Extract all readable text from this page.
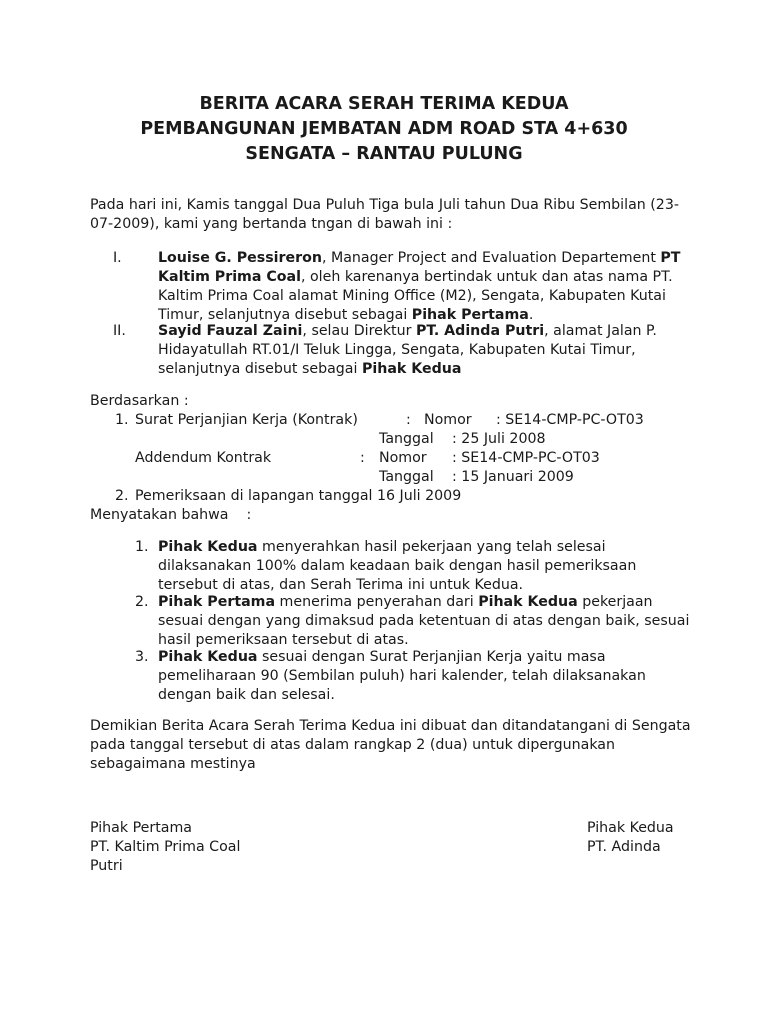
BERITA ACARA SERAH TERIMA KEDUA
PEMBANGUNAN JEMBATAN ADM ROAD STA 4+630
SENGATA – RANTAU PULUNG
Pada hari ini, Kamis tanggal Dua Puluh Tiga bula Juli tahun Dua Ribu Sembilan (23-
07-2009), kami yang bertanda tngan di bawah ini :
I.	Louise G. Pessireron, Manager Project and Evaluation Departement PT
Kaltim Prima Coal, oleh karenanya bertindak untuk dan atas nama PT.
Kaltim Prima Coal alamat Mining Office (M2), Sengata, Kabupaten Kutai
Timur, selanjutnya disebut sebagai Pihak Pertama.
II. Sayid Fauzal Zaini, selau Direktur PT. Adinda Putri, alamat Jalan P.
Hidayatullah RT.01/I Teluk Lingga, Sengata, Kabupaten Kutai Timur,
selanjutnya disebut sebagai Pihak Kedua
Berdasarkan :
1. Surat Perjanjian Kerja (Kontrak)	: Nomor : SE14-CMP-PC-OT03
Tanggal : 25 Juli 2008
Addendum Kontrak	: Nomor : SE14-CMP-PC-OT03
Tanggal : 15 Januari 2009
2. Pemeriksaan di lapangan tanggal 16 Juli 2009
Menyatakan bahwa    :
1. Pihak Kedua menyerahkan hasil pekerjaan yang telah selesai
dilaksanakan 100% dalam keadaan baik dengan hasil pemeriksaan
tersebut di atas, dan Serah Terima ini untuk Kedua.
2. Pihak Pertama menerima penyerahan dari Pihak Kedua pekerjaan
sesuai dengan yang dimaksud pada ketentuan di atas dengan baik, sesuai
hasil pemeriksaan tersebut di atas.
3. Pihak Kedua sesuai dengan Surat Perjanjian Kerja yaitu masa
pemeliharaan 90 (Sembilan puluh) hari kalender, telah dilaksanakan
dengan baik dan selesai.
Demikian Berita Acara Serah Terima Kedua ini dibuat dan ditandatangani di Sengata
pada tanggal tersebut di atas dalam rangkap 2 (dua) untuk dipergunakan
sebagaimana mestinya
Pihak Pertama
PT. Kaltim Prima Coal
Putri
Pihak Kedua
PT. Adinda
